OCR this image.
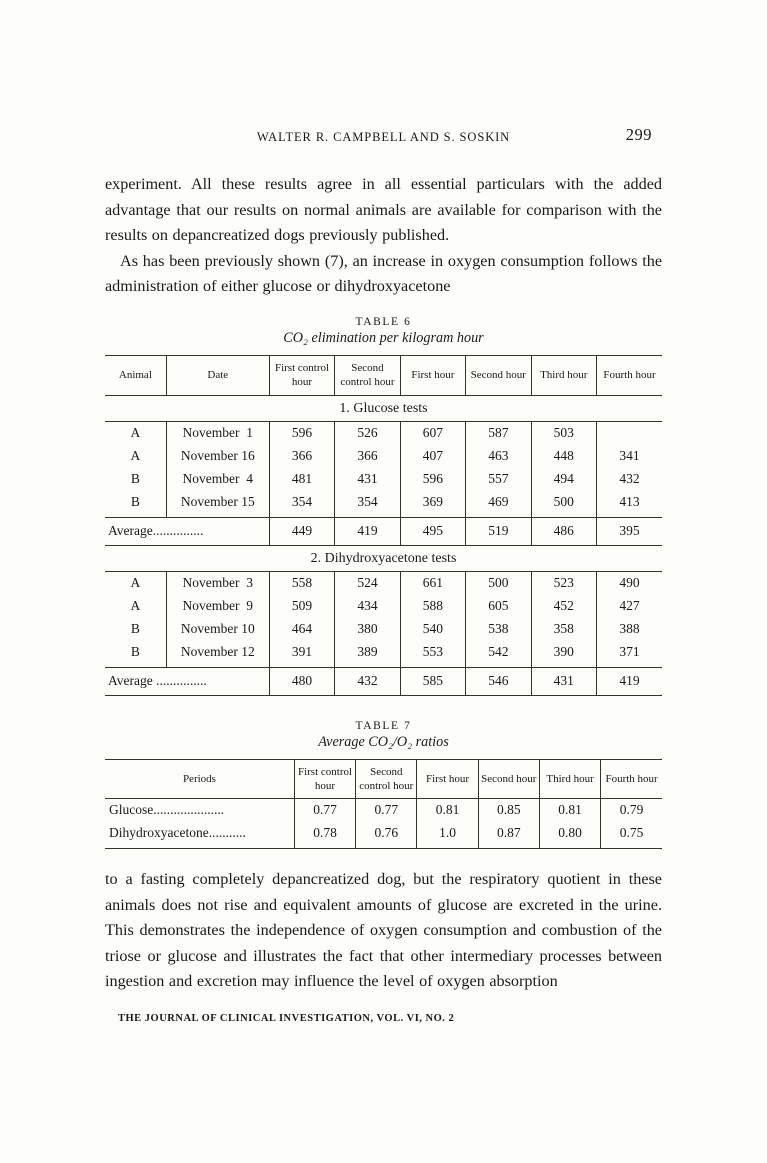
WALTER R. CAMPBELL AND S. SOSKIN	299

experiment. All these results agree in all essential particulars with the added advantage that our results on normal animals are available for comparison with the results on depancreatized dogs previously published.

As has been previously shown (7), an increase in oxygen consumption follows the administration of either glucose or dihydroxyacetone

TABLE 6
CO₂ elimination per kilogram hour
Animal	Date	First control hour	Second control hour	First hour	Second hour	Third hour	Fourth hour
1. Glucose tests							
A	November  1	596	526	607	587	503	
A	November 16	366	366	407	463	448	341
B	November  4	481	431	596	557	494	432
B	November 15	354	354	369	469	500	413
Average...............		449	419	495	519	486	395
2. Dihydroxyacetone tests							
A	November  3	558	524	661	500	523	490
A	November  9	509	434	588	605	452	427
B	November 10	464	380	540	538	358	388
B	November 12	391	389	553	542	390	371
Average ...............		480	432	585	546	431	419
TABLE 7
Average CO₂/O₂ ratios
Periods	First control hour	Second control hour	First hour	Second hour	Third hour	Fourth hour
Glucose.....................	0.77	0.77	0.81	0.85	0.81	0.79
Dihydroxyacetone...........	0.78	0.76	1.0	0.87	0.80	0.75

to a fasting completely depancreatized dog, but the respiratory quotient in these animals does not rise and equivalent amounts of glucose are excreted in the urine. This demonstrates the independence of oxygen consumption and combustion of the triose or glucose and illustrates the fact that other intermediary processes between ingestion and excretion may influence the level of oxygen absorption

THE JOURNAL OF CLINICAL INVESTIGATION, VOL. VI, NO. 2
